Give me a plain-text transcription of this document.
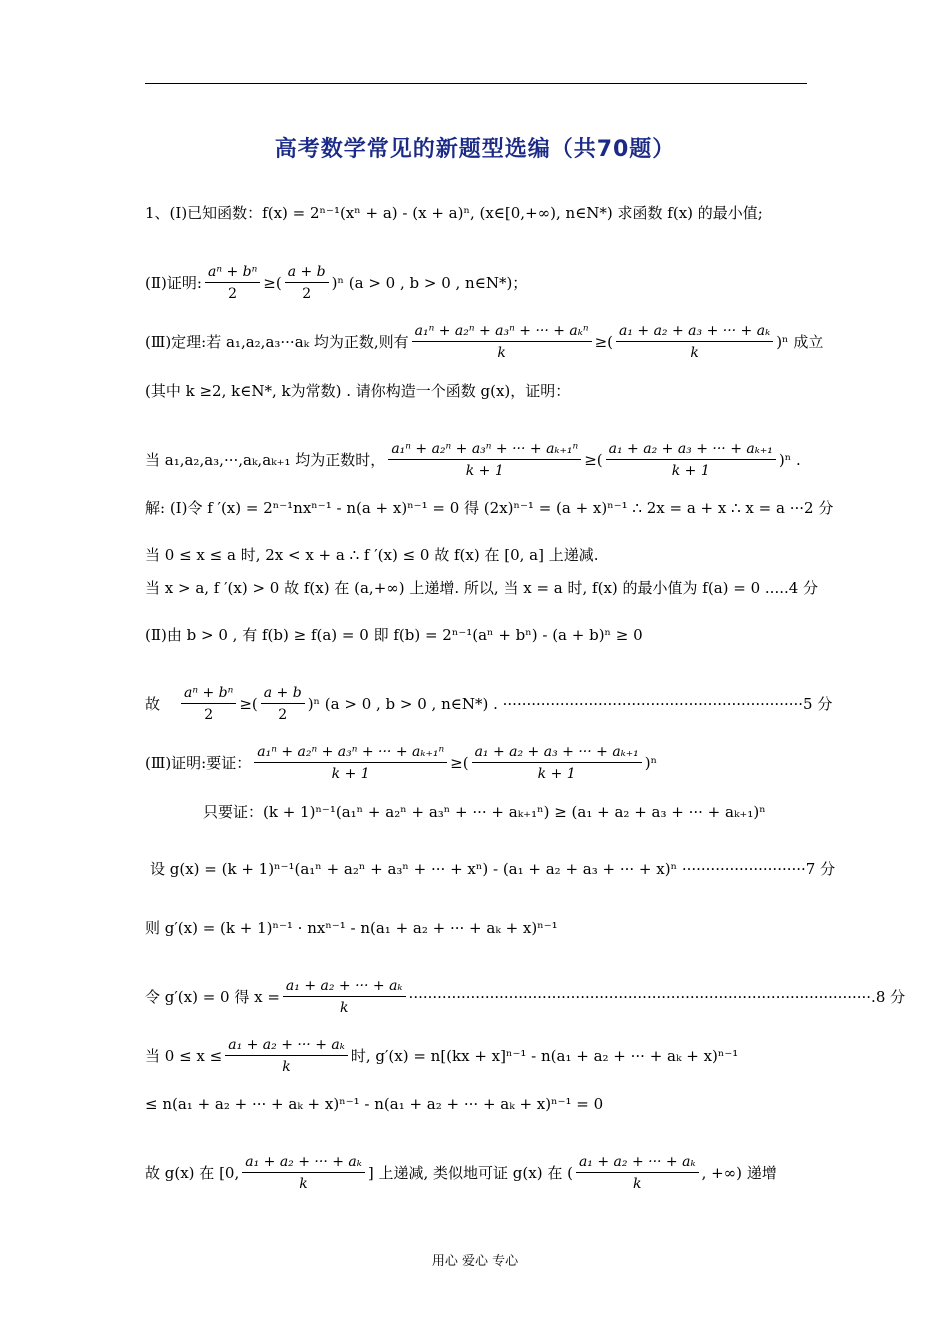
高考数学常见的新题型选编（共70题）
1、(Ⅰ)已知函数：f(x) = 2ⁿ⁻¹(xⁿ + a) - (x + a)ⁿ, (x∈[0,+∞), n∈N*) 求函数 f(x) 的最小值;
(Ⅱ)证明: $\frac{\text{aⁿ + bⁿ}}{2}$ ≥( $\frac{a + b}{2} )^n$ (a > 0 , b > 0 , n∈N*)；
(Ⅲ)定理:若 a₁,a₂,a₃···aₖ 均为正数,则有 $\frac{\text{a₁ⁿ + a₂ⁿ + a₃ⁿ + ··· + aₖⁿ}}{k}$ ≥( $\frac{\text{a₁ + a₂ + a₃ + ··· + aₖ}}{k} )^n$ 成立
(其中 k ≥2, k∈N*, k为常数) . 请你构造一个函数 g(x)，证明：
当 a₁,a₂,a₃,···,aₖ,aₖ₊₁ 均为正数时， $\frac{\text{a₁ⁿ + a₂ⁿ + a₃ⁿ + ··· + aₖ₊₁ⁿ}}{k + 1}$ ≥( $\frac{\text{a₁ + a₂ + a₃ + ··· + aₖ₊₁}}{k + 1} )^n$ .
解: (Ⅰ)令 f ′(x) = 2ⁿ⁻¹nxⁿ⁻¹ - n(a + x)ⁿ⁻¹ = 0 得 (2x)ⁿ⁻¹ = (a + x)ⁿ⁻¹ ∴ 2x = a + x ∴ x = a ···2 分
当 0 ≤ x ≤ a 时, 2x < x + a ∴ f ′(x) ≤ 0 故 f(x) 在 [0, a] 上递减.
当 x > a, f ′(x) > 0 故 f(x) 在 (a,+∞) 上递增. 所以, 当 x = a 时, f(x) 的最小值为 f(a) = 0 .....4 分
(Ⅱ)由 b > 0 , 有 f(b) ≥ f(a) = 0 即 f(b) = 2ⁿ⁻¹(aⁿ + bⁿ) - (a + b)ⁿ ≥ 0
故 $\frac{\text{aⁿ + bⁿ}}{2}$ ≥( $\frac{a + b}{2} )^n$ (a > 0 , b > 0 , n∈N*) . ·······························································5 分
(Ⅲ)证明:要证： $\frac{\text{a₁ⁿ + a₂ⁿ + a₃ⁿ + ··· + aₖ₊₁ⁿ}}{k + 1}$ ≥( $\frac{\text{a₁ + a₂ + a₃ + ··· + aₖ₊₁}}{k + 1} )^n$
只要证：(k + 1)ⁿ⁻¹(a₁ⁿ + a₂ⁿ + a₃ⁿ + ··· + aₖ₊₁ⁿ) ≥ (a₁ + a₂ + a₃ + ··· + aₖ₊₁)ⁿ
设 g(x) = (k + 1)ⁿ⁻¹(a₁ⁿ + a₂ⁿ + a₃ⁿ + ··· + xⁿ) - (a₁ + a₂ + a₃ + ··· + x)ⁿ ··························7 分
则 g′(x) = (k + 1)ⁿ⁻¹ · nxⁿ⁻¹ - n(a₁ + a₂ + ··· + aₖ + x)ⁿ⁻¹
令 g′(x) = 0 得 $x = \frac{\text{a₁ + a₂ + ··· + aₖ}}{k} \cdot\cdot\cdot\cdot\cdot\cdot\cdot\cdot\cdot\cdot\cdot\cdot\cdot\cdot\cdot\cdot\cdot\cdot\cdot\cdot\cdot\cdot\cdot\cdot\cdot\cdot\cdot\cdot\cdot\cdot\cdot\cdot\cdot\cdot\cdot\cdot\cdot\cdot\cdot\cdot\cdot\cdot\cdot\cdot\cdot\cdot\cdot\cdot\cdot\cdot\cdot\cdot\cdot\cdot\cdot\cdot\cdot\cdot\cdot\cdot\cdot\cdot\cdot\cdot\cdot\cdot\cdot\cdot\cdot\cdot\cdot\cdot\cdot\cdot\cdot\cdot\cdot\cdot\cdot\cdot\cdot\cdot\cdot\cdot\cdot\cdot\cdot\cdot\cdot\cdot\cdot\cdot\cdot\cdot\cdot\cdot\cdot.8$ 分
当 $0 \le x \le \frac{\text{a₁ + a₂ + ··· + aₖ}}{k}$ 时, g′(x) = n[(kx + x]ⁿ⁻¹ - n(a₁ + a₂ + ··· + aₖ + x)ⁿ⁻¹
≤ n(a₁ + a₂ + ··· + aₖ + x)ⁿ⁻¹ - n(a₁ + a₂ + ··· + aₖ + x)ⁿ⁻¹ = 0
故 g(x) 在 [0, $\frac{\text{a₁ + a₂ + ··· + aₖ}}{k}$ ] 上递减, 类似地可证 g(x) 在 ( $\frac{\text{a₁ + a₂ + ··· + aₖ}}{k}$ , +∞) 递增
用心 爱心 专心
